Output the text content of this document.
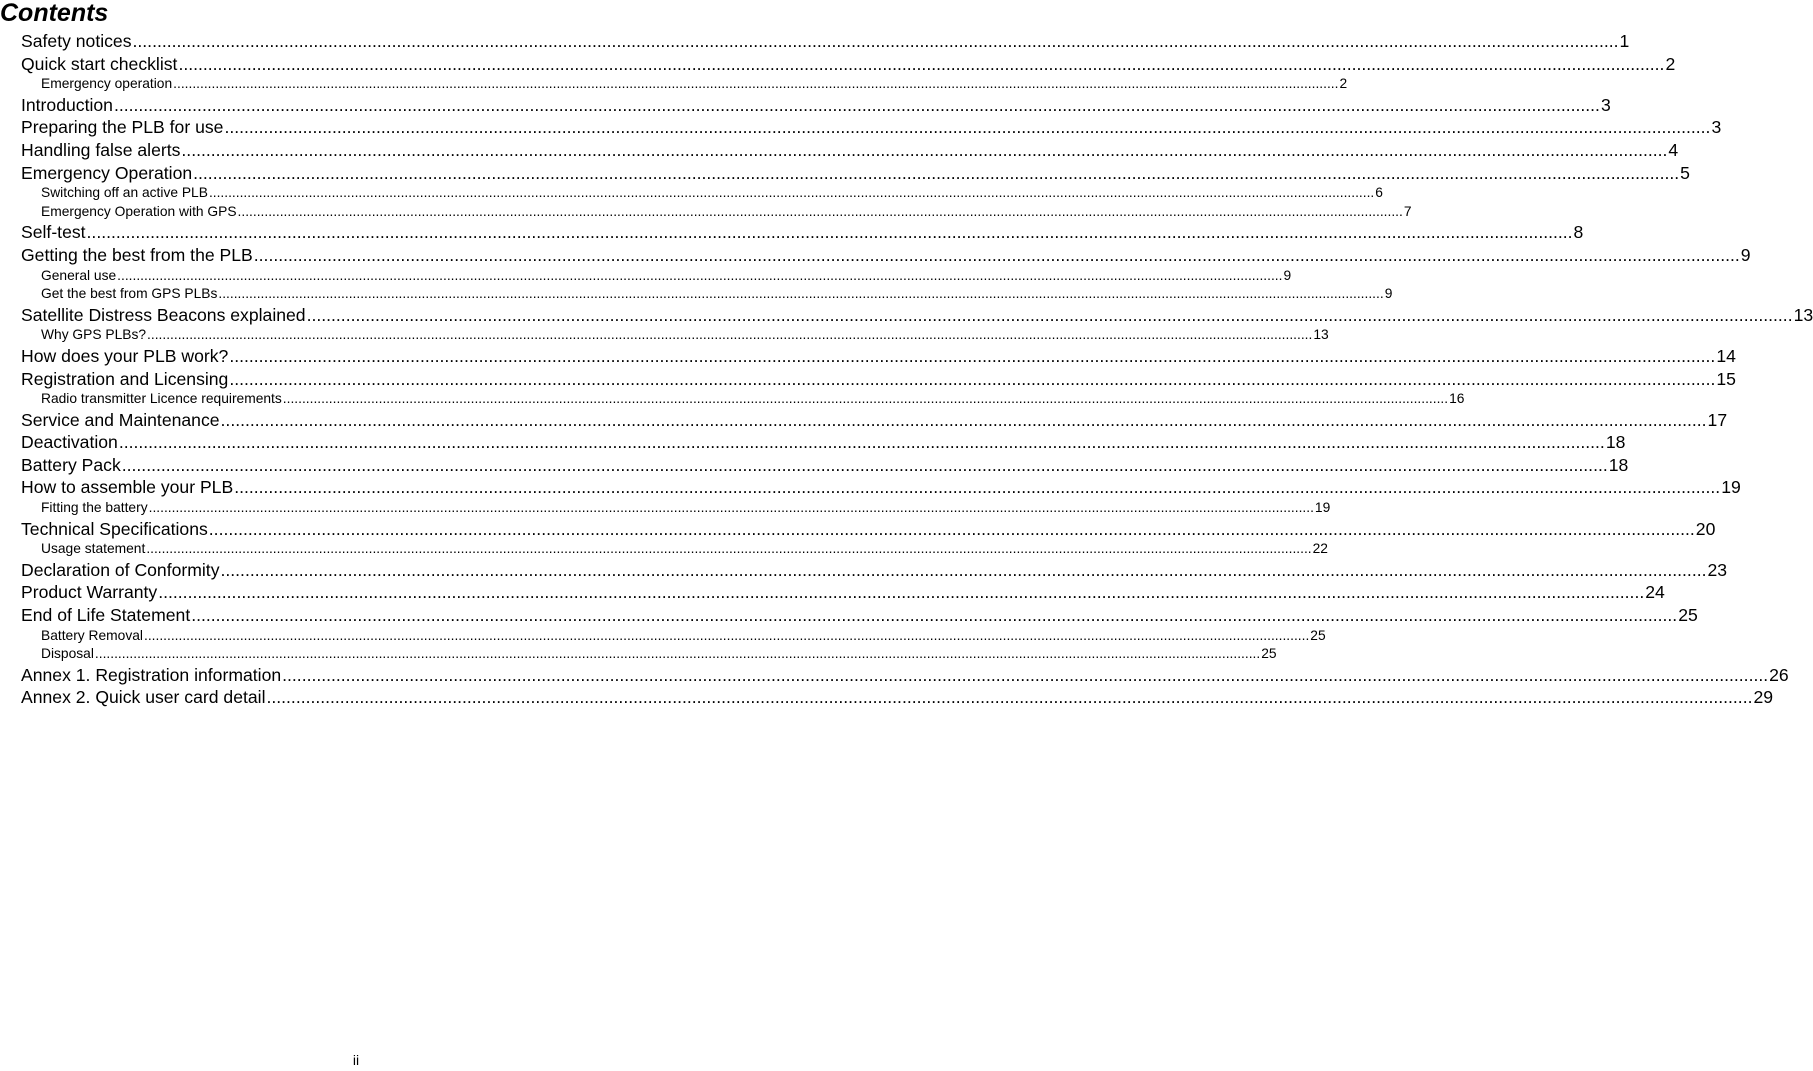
Contents
Safety notices .....	1
Quick start checklist .....	2
Emergency operation .....	2
Introduction .....	3
Preparing the PLB for use .....	3
Handling false alerts .....	4
Emergency Operation .....	5
Switching off an active PLB .....	6
Emergency Operation with GPS .....	7
Self-test .....	8
Getting the best from the PLB .....	9
General use .....	9
Get the best from GPS PLBs .....	9
Satellite Distress Beacons explained .....	13
Why GPS PLBs? .....	13
How does your PLB work? .....	14
Registration and Licensing .....	15
Radio transmitter Licence requirements .....	16
Service and Maintenance .....	17
Deactivation .....	18
Battery Pack .....	18
How to assemble your PLB .....	19
Fitting the battery .....	19
Technical Specifications .....	20
Usage statement .....	22
Declaration of Conformity .....	23
Product Warranty .....	24
End of Life Statement .....	25
Battery Removal .....	25
Disposal .....	25
Annex 1. Registration information .....	26
Annex 2. Quick user card detail .....	29
ii
